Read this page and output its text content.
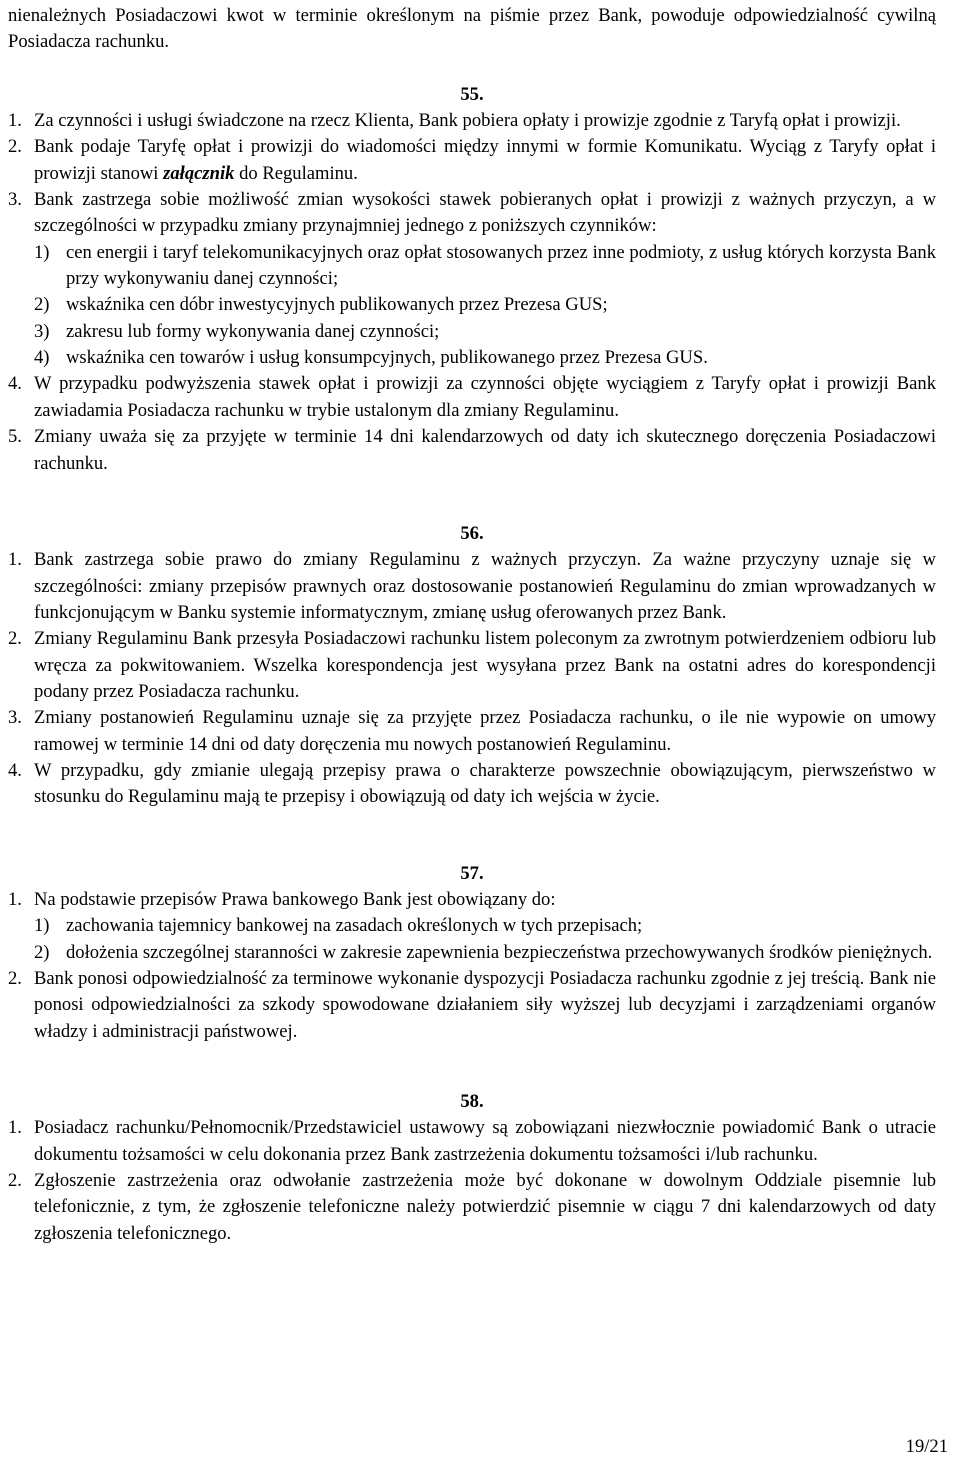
nienależnych Posiadaczowi kwot w terminie określonym na piśmie przez Bank, powoduje odpowiedzialność cywilną Posiadacza rachunku.

55.

1. Za czynności i usługi świadczone na rzecz Klienta, Bank pobiera opłaty i prowizje zgodnie z Taryfą opłat i prowizji.
2. Bank podaje Taryfę opłat i prowizji do wiadomości między innymi w formie Komunikatu. Wyciąg z Taryfy opłat i prowizji stanowi załącznik do Regulaminu.
3. Bank zastrzega sobie możliwość zmian wysokości stawek pobieranych opłat i prowizji z ważnych przyczyn, a w szczególności w przypadku zmiany przynajmniej jednego z poniższych czynników:
1) cen energii i taryf telekomunikacyjnych oraz opłat stosowanych przez inne podmioty, z usług których korzysta Bank przy wykonywaniu danej czynności;
2) wskaźnika cen dóbr inwestycyjnych publikowanych przez Prezesa GUS;
3) zakresu lub formy wykonywania danej czynności;
4) wskaźnika cen towarów i usług konsumpcyjnych, publikowanego przez Prezesa GUS.
4. W przypadku podwyższenia stawek opłat i prowizji za czynności objęte wyciągiem z Taryfy opłat i prowizji Bank zawiadamia Posiadacza rachunku w trybie ustalonym dla zmiany Regulaminu.
5. Zmiany uważa się za przyjęte w terminie 14 dni kalendarzowych od daty ich skutecznego doręczenia Posiadaczowi rachunku.

56.

1. Bank zastrzega sobie prawo do zmiany Regulaminu z ważnych przyczyn. Za ważne przyczyny uznaje się w szczególności: zmiany przepisów prawnych oraz dostosowanie postanowień Regulaminu do zmian wprowadzanych w funkcjonującym w Banku systemie informatycznym, zmianę usług oferowanych przez Bank.
2. Zmiany Regulaminu Bank przesyła Posiadaczowi rachunku listem poleconym za zwrotnym potwierdzeniem odbioru lub wręcza za pokwitowaniem. Wszelka korespondencja jest wysyłana przez Bank na ostatni adres do korespondencji podany przez Posiadacza rachunku.
3. Zmiany postanowień Regulaminu uznaje się za przyjęte przez Posiadacza rachunku, o ile nie wypowie on umowy ramowej w terminie 14 dni od daty doręczenia mu nowych postanowień Regulaminu.
4. W przypadku, gdy zmianie ulegają przepisy prawa o charakterze powszechnie obowiązującym, pierwszeństwo w stosunku do Regulaminu mają te przepisy i obowiązują od daty ich wejścia w życie.

57.

1. Na podstawie przepisów Prawa bankowego Bank jest obowiązany do:
1) zachowania tajemnicy bankowej na zasadach określonych w tych przepisach;
2) dołożenia szczególnej staranności w zakresie zapewnienia bezpieczeństwa przechowywanych środków pieniężnych.
2. Bank ponosi odpowiedzialność za terminowe wykonanie dyspozycji Posiadacza rachunku zgodnie z jej treścią. Bank nie ponosi odpowiedzialności za szkody spowodowane działaniem siły wyższej lub decyzjami i zarządzeniami organów władzy i administracji państwowej.

58.

1. Posiadacz rachunku/Pełnomocnik/Przedstawiciel ustawowy są zobowiązani niezwłocznie powiadomić Bank o utracie dokumentu tożsamości w celu dokonania przez Bank zastrzeżenia dokumentu tożsamości i/lub rachunku.
2. Zgłoszenie zastrzeżenia oraz odwołanie zastrzeżenia może być dokonane w dowolnym Oddziale pisemnie lub telefonicznie, z tym, że zgłoszenie telefoniczne należy potwierdzić pisemnie w ciągu 7 dni kalendarzowych od daty zgłoszenia telefonicznego.
19/21
